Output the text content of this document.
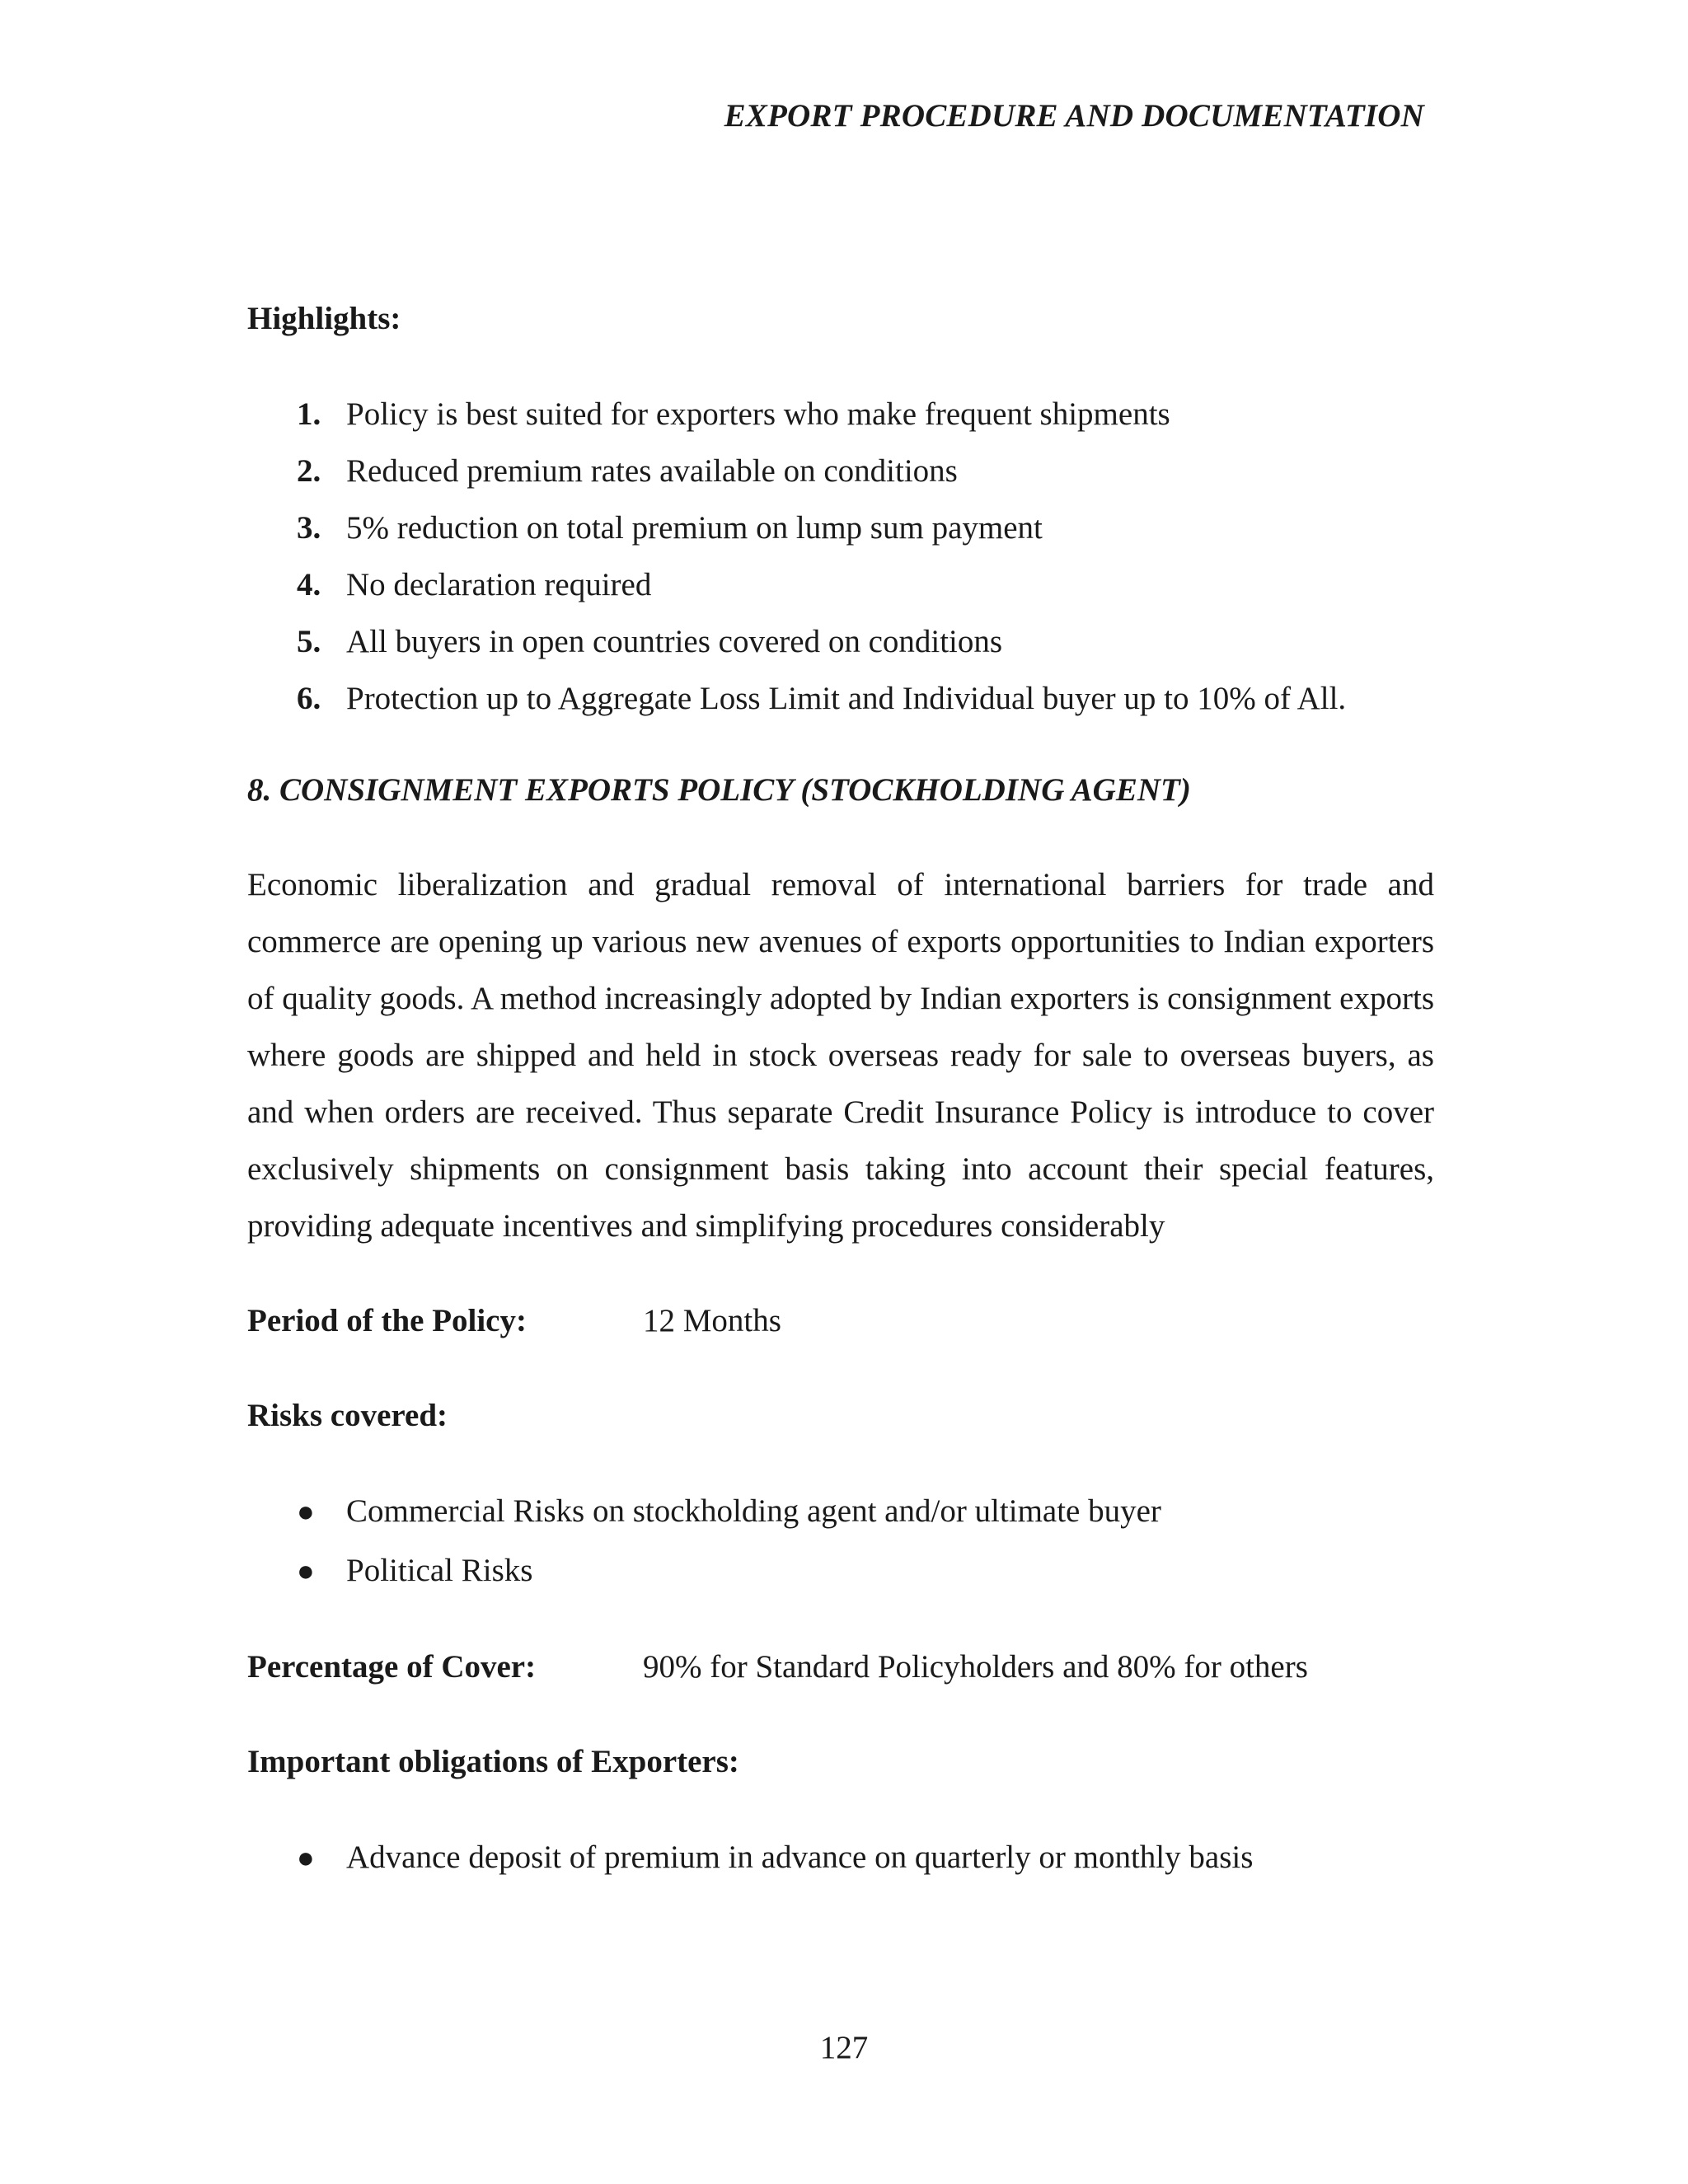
EXPORT PROCEDURE AND DOCUMENTATION

Highlights:

1. Policy is best suited for exporters who make frequent shipments
2. Reduced premium rates available on conditions
3. 5% reduction on total premium on lump sum payment
4. No declaration required
5. All buyers in open countries covered on conditions
6. Protection up to Aggregate Loss Limit and Individual buyer up to 10% of All.

8. CONSIGNMENT EXPORTS POLICY (STOCKHOLDING AGENT)

Economic liberalization and gradual removal of international barriers for trade and commerce are opening up various new avenues of exports opportunities to Indian exporters of quality goods. A method increasingly adopted by Indian exporters is consignment exports where goods are shipped and held in stock overseas ready for sale to overseas buyers, as and when orders are received. Thus separate Credit Insurance Policy is introduce to cover exclusively shipments on consignment basis taking into account their special features, providing adequate incentives and simplifying procedures considerably

Period of the Policy:	12 Months

Risks covered:

● Commercial Risks on stockholding agent and/or ultimate buyer
● Political Risks
Percentage of Cover:	90% for Standard Policyholders and 80% for others

Important obligations of Exporters:

● Advance deposit of premium in advance on quarterly or monthly basis
127
